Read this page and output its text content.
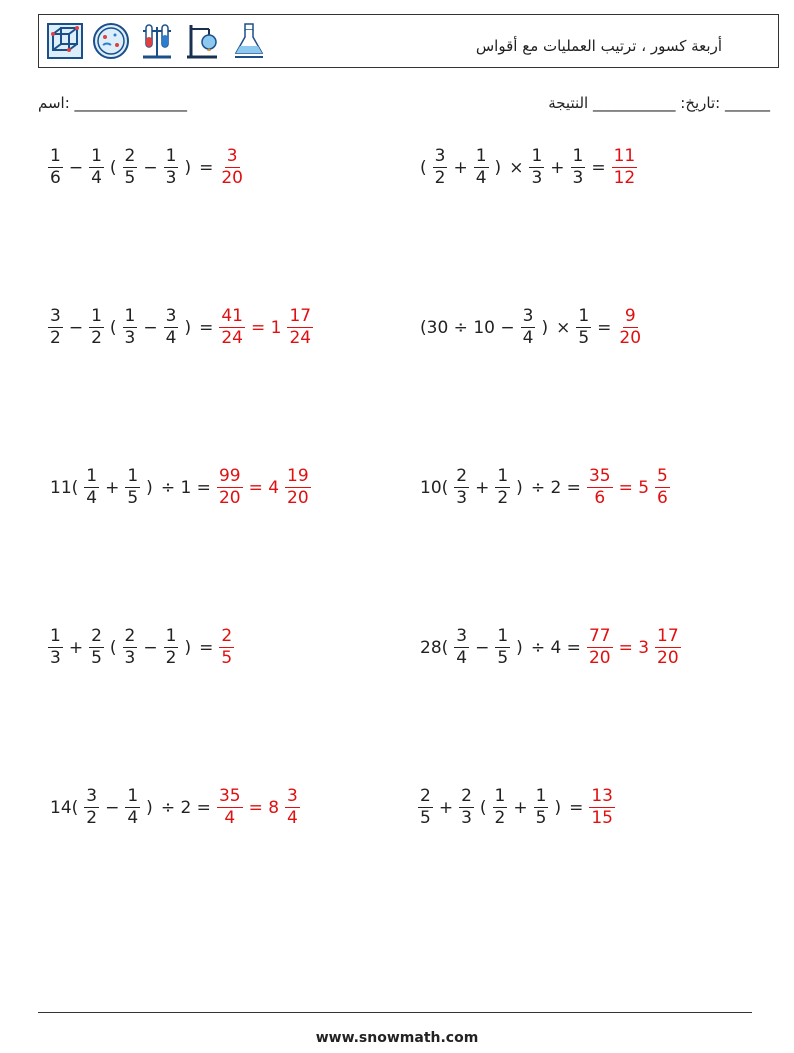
أربعة كسور ، ترتيب العمليات مع أقواس
_______________ :اسم	______ :تاريخ: ___________ النتيجة
$\frac{1}{6} - \frac{1}{4}$ ( $\frac{2}{5} - \frac{1}{3}$ ) = $\frac{3}{20}$	( $\frac{3}{2} + \frac{1}{4}$ ) × $\frac{1}{3} + \frac{1}{3} = \frac{11}{12}$
$\frac{3}{2} - \frac{1}{2}$ ( $\frac{1}{3} - \frac{3}{4}$ ) = $\frac{41}{24} = 1 \frac{17}{24}$	($30 \div 10 - \frac{3}{4}$ ) × $\frac{1}{5} = \frac{9}{20}$
$11( \frac{1}{4} + \frac{1}{5}$ ) ÷ $1 = \frac{99}{20} = 4 \frac{19}{20}$	$10( \frac{2}{3} + \frac{1}{2}$ ) ÷ $2 = \frac{35}{6} = 5 \frac{5}{6}$
$\frac{1}{3} + \frac{2}{5}$ ( $\frac{2}{3} - \frac{1}{2}$ ) = $\frac{2}{5}$	$28( \frac{3}{4} - \frac{1}{5}$ ) ÷ $4 = \frac{77}{20} = 3 \frac{17}{20}$
$14( \frac{3}{2} - \frac{1}{4}$ ) ÷ $2 = \frac{35}{4} = 8 \frac{3}{4}$	$\frac{2}{5} + \frac{2}{3}$ ( $\frac{1}{2} + \frac{1}{5}$ ) = $\frac{13}{15}$
www.snowmath.com
